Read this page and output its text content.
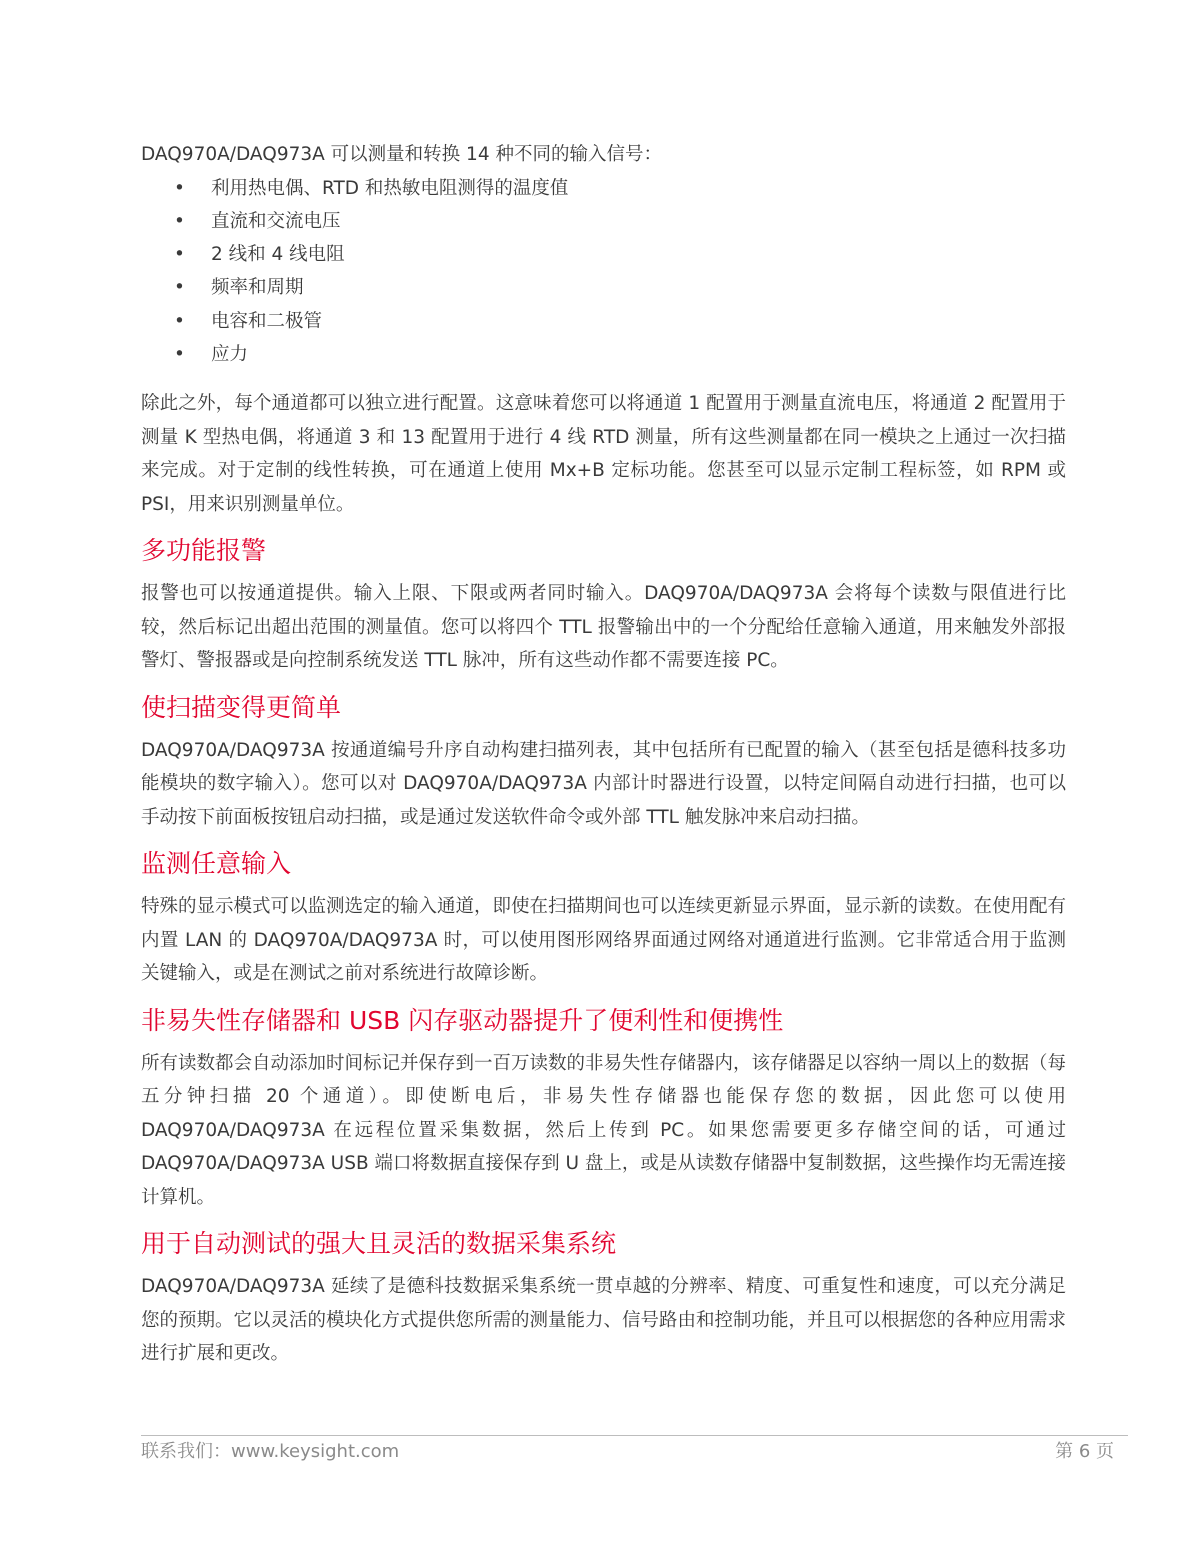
DAQ970A/DAQ973A 可以测量和转换 14 种不同的输入信号：

• 利用热电偶、RTD 和热敏电阻测得的温度值
• 直流和交流电压
• 2 线和 4 线电阻
• 频率和周期
• 电容和二极管
• 应力

除此之外，每个通道都可以独立进行配置。这意味着您可以将通道 1 配置用于测量直流电压，将通道 2 配置用于测量 K 型热电偶，将通道 3 和 13 配置用于进行 4 线 RTD 测量，所有这些测量都在同一模块之上通过一次扫描来完成。对于定制的线性转换，可在通道上使用 Mx+B 定标功能。您甚至可以显示定制工程标签，如 RPM 或 PSI，用来识别测量单位。

多功能报警

报警也可以按通道提供。输入上限、下限或两者同时输入。DAQ970A/DAQ973A 会将每个读数与限值进行比较，然后标记出超出范围的测量值。您可以将四个 TTL 报警输出中的一个分配给任意输入通道，用来触发外部报警灯、警报器或是向控制系统发送 TTL 脉冲，所有这些动作都不需要连接 PC。

使扫描变得更简单

DAQ970A/DAQ973A 按通道编号升序自动构建扫描列表，其中包括所有已配置的输入（甚至包括是德科技多功能模块的数字输入）。您可以对 DAQ970A/DAQ973A 内部计时器进行设置，以特定间隔自动进行扫描，也可以手动按下前面板按钮启动扫描，或是通过发送软件命令或外部 TTL 触发脉冲来启动扫描。

监测任意输入

特殊的显示模式可以监测选定的输入通道，即使在扫描期间也可以连续更新显示界面，显示新的读数。在使用配有内置 LAN 的 DAQ970A/DAQ973A 时，可以使用图形网络界面通过网络对通道进行监测。它非常适合用于监测关键输入，或是在测试之前对系统进行故障诊断。

非易失性存储器和 USB 闪存驱动器提升了便利性和便携性

所有读数都会自动添加时间标记并保存到一百万读数的非易失性存储器内，该存储器足以容纳一周以上的数据（每五分钟扫描 20 个通道）。即使断电后，非易失性存储器也能保存您的数据，因此您可以使用 DAQ970A/DAQ973A 在远程位置采集数据，然后上传到 PC。如果您需要更多存储空间的话，可通过 DAQ970A/DAQ973A USB 端口将数据直接保存到 U 盘上，或是从读数存储器中复制数据，这些操作均无需连接计算机。

用于自动测试的强大且灵活的数据采集系统

DAQ970A/DAQ973A 延续了是德科技数据采集系统一贯卓越的分辨率、精度、可重复性和速度，可以充分满足您的预期。它以灵活的模块化方式提供您所需的测量能力、信号路由和控制功能，并且可以根据您的各种应用需求进行扩展和更改。

联系我们：www.keysight.com	第 6 页
